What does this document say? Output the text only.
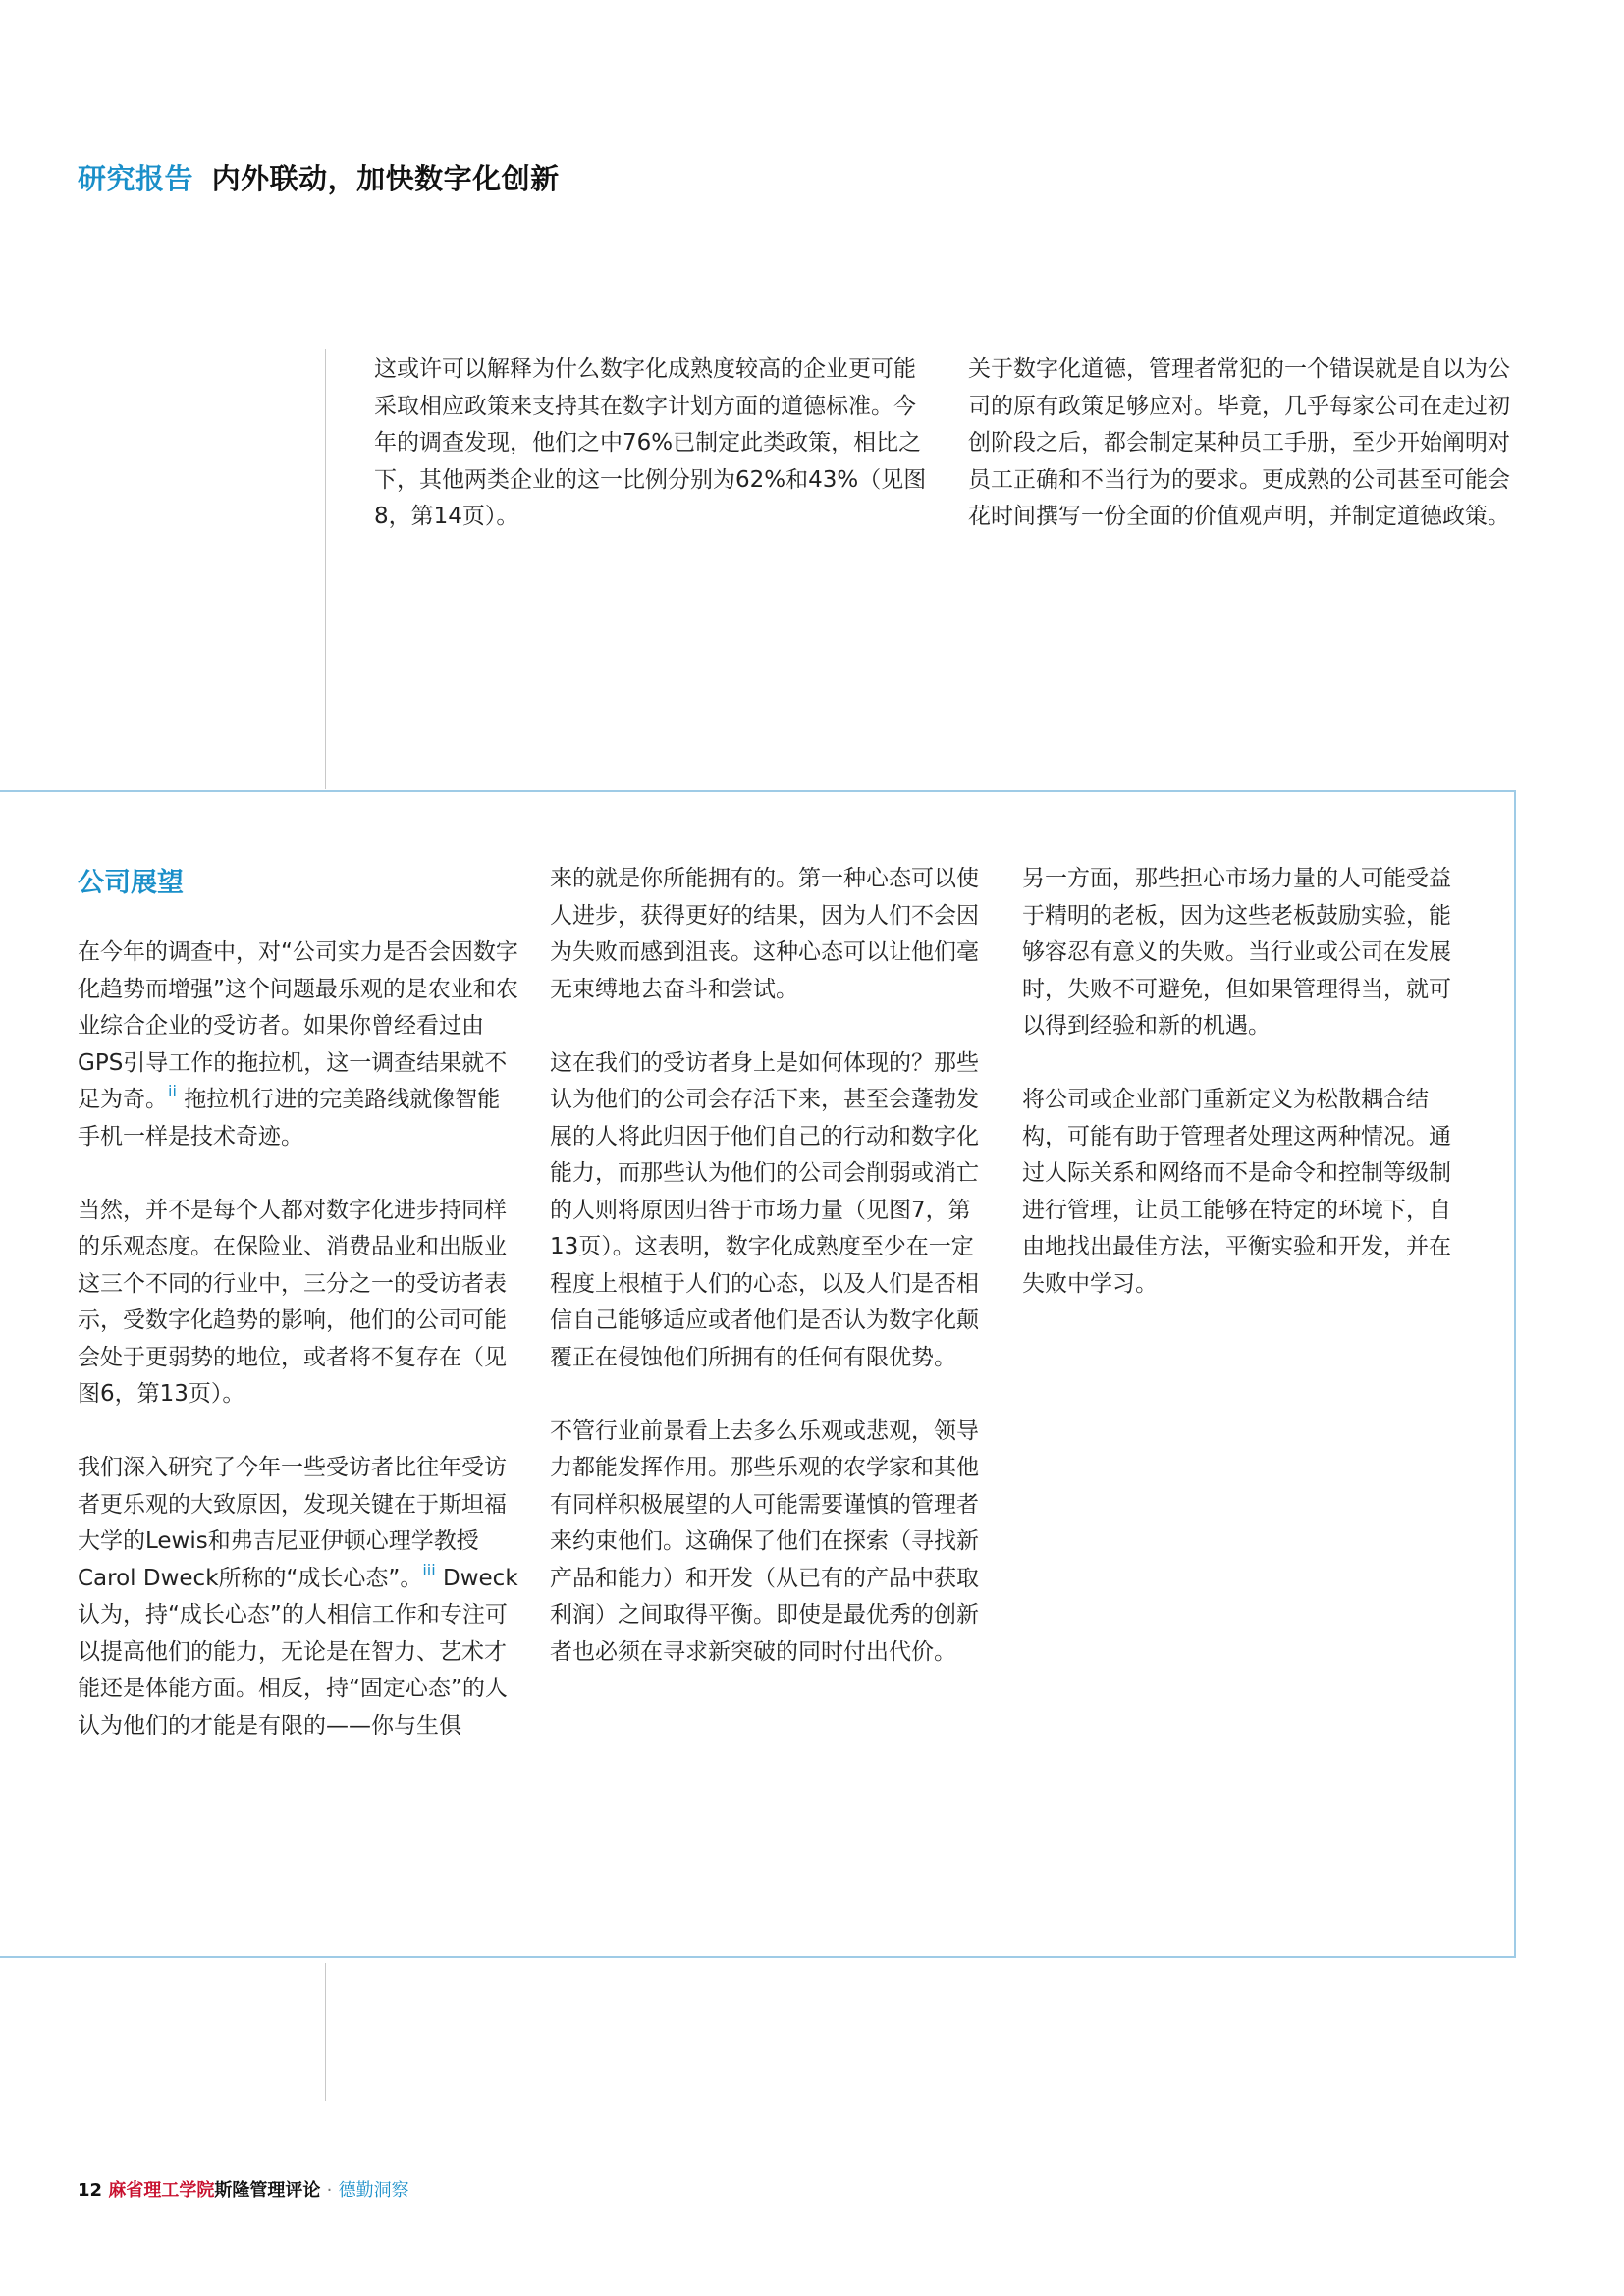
研究报告 内外联动，加快数字化创新

这或许可以解释为什么数字化成熟度较高的企业更可能采取相应政策来支持其在数字计划方面的道德标准。今年的调查发现，他们之中76%已制定此类政策，相比之下，其他两类企业的这一比例分别为62%和43%（见图8，第14页）。

关于数字化道德，管理者常犯的一个错误就是自以为公司的原有政策足够应对。毕竟，几乎每家公司在走过初创阶段之后，都会制定某种员工手册，至少开始阐明对员工正确和不当行为的要求。更成熟的公司甚至可能会花时间撰写一份全面的价值观声明，并制定道德政策。

公司展望

在今年的调查中，对“公司实力是否会因数字化趋势而增强”这个问题最乐观的是农业和农业综合企业的受访者。如果你曾经看过由GPS引导工作的拖拉机，这一调查结果就不足为奇。$^{ii}$ 拖拉机行进的完美路线就像智能手机一样是技术奇迹。

当然，并不是每个人都对数字化进步持同样的乐观态度。在保险业、消费品业和出版业这三个不同的行业中，三分之一的受访者表示，受数字化趋势的影响，他们的公司可能会处于更弱势的地位，或者将不复存在（见图6，第13页）。

我们深入研究了今年一些受访者比往年受访者更乐观的大致原因，发现关键在于斯坦福大学的Lewis和弗吉尼亚伊顿心理学教授Carol Dweck所称的“成长心态”。$^{iii}$ Dweck认为，持“成长心态”的人相信工作和专注可以提高他们的能力，无论是在智力、艺术才能还是体能方面。相反，持“固定心态”的人认为他们的才能是有限的——你与生俱

来的就是你所能拥有的。第一种心态可以使人进步，获得更好的结果，因为人们不会因为失败而感到沮丧。这种心态可以让他们毫无束缚地去奋斗和尝试。

这在我们的受访者身上是如何体现的？那些认为他们的公司会存活下来，甚至会蓬勃发展的人将此归因于他们自己的行动和数字化能力，而那些认为他们的公司会削弱或消亡的人则将原因归咎于市场力量（见图7，第13页）。这表明，数字化成熟度至少在一定程度上根植于人们的心态，以及人们是否相信自己能够适应或者他们是否认为数字化颠覆正在侵蚀他们所拥有的任何有限优势。

不管行业前景看上去多么乐观或悲观，领导力都能发挥作用。那些乐观的农学家和其他有同样积极展望的人可能需要谨慎的管理者来约束他们。这确保了他们在探索（寻找新产品和能力）和开发（从已有的产品中获取利润）之间取得平衡。即使是最优秀的创新者也必须在寻求新突破的同时付出代价。

另一方面，那些担心市场力量的人可能受益于精明的老板，因为这些老板鼓励实验，能够容忍有意义的失败。当行业或公司在发展时，失败不可避免，但如果管理得当，就可以得到经验和新的机遇。

将公司或企业部门重新定义为松散耦合结构，可能有助于管理者处理这两种情况。通过人际关系和网络而不是命令和控制等级制进行管理，让员工能够在特定的环境下，自由地找出最佳方法，平衡实验和开发，并在失败中学习。

12 麻省理工学院斯隆管理评论 · 德勤洞察
